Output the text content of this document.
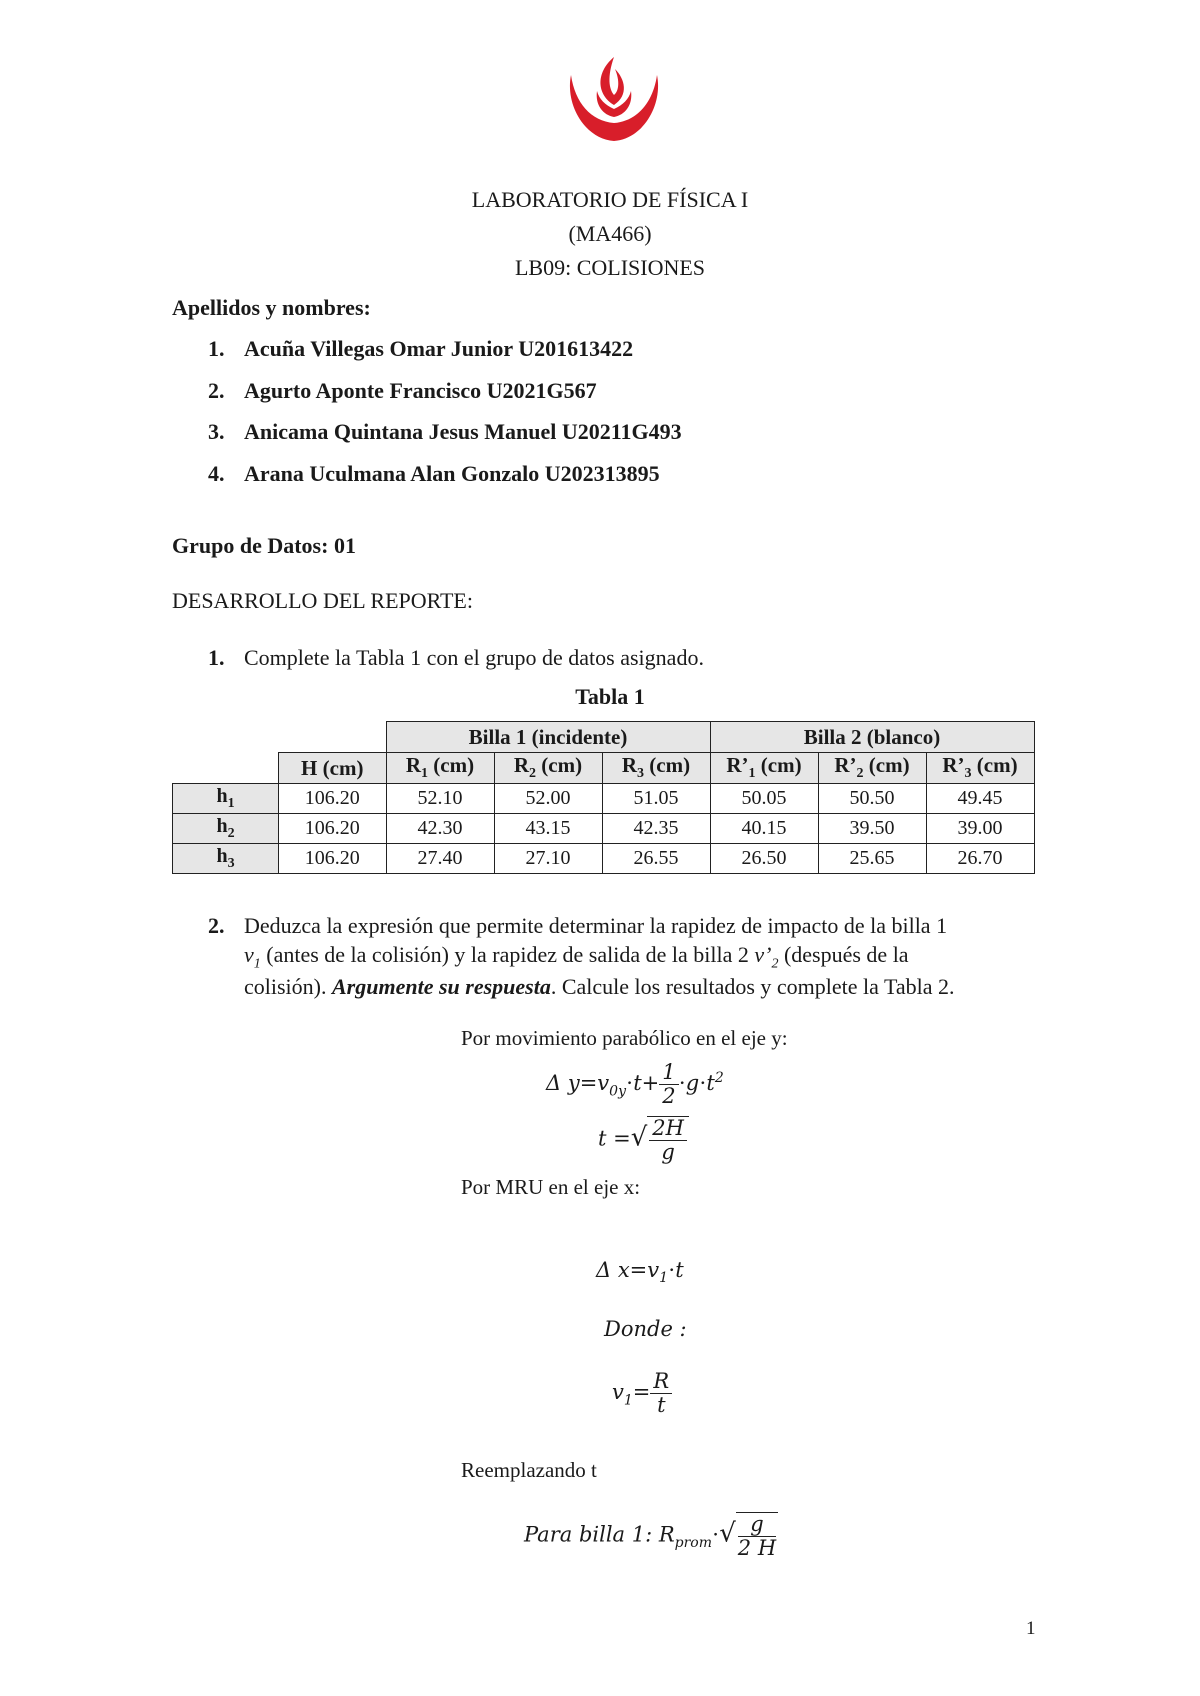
LABORATORIO DE FÍSICA I
(MA466)
LB09: COLISIONES
Apellidos y nombres:
1. Acuña Villegas Omar Junior U201613422
2. Agurto Aponte Francisco U2021G567
3. Anicama Quintana Jesus Manuel U20211G493
4. Arana Uculmana Alan Gonzalo U202313895
Grupo de Datos: 01
DESARROLLO DEL REPORTE:
1. Complete la Tabla 1 con el grupo de datos asignado.
Tabla 1
		Billa 1 (incidente)			Billa 2 (blanco)		
	H (cm)	$R_1$ (cm)	$R_2$ (cm)	$R_3$ (cm)	$R’_1$ (cm)	$R’_2$ (cm)	$R’_3$ (cm)
$h_1$	106.20	52.10	52.00	51.05	50.05	50.50	49.45
$h_2$	106.20	42.30	43.15	42.35	40.15	39.50	39.00
$h_3$	106.20	27.40	27.10	26.55	26.50	25.65	26.70
2. Deduzca la expresión que permite determinar la rapidez de impacto de la billa 1
$v_1$ (antes de la colisión) y la rapidez de salida de la billa 2 $v’_2$ (después de la
colisión). Argumente su respuesta. Calcule los resultados y complete la Tabla 2.
Por movimiento parabólico en el eje y:
Δ $y=v_{0y}\cdot t+ \frac{1}{2} \cdot g\cdot t^2$
t =√ $\frac{2H}{g}$
Por MRU en el eje x:
Δ $x=v_1\cdot t$
Donde :
$v_1= \frac{R}{t}$
Reemplazando t
Para billa 1: $R_{prom}\cdot√ \frac{g}{2 H}$
1
